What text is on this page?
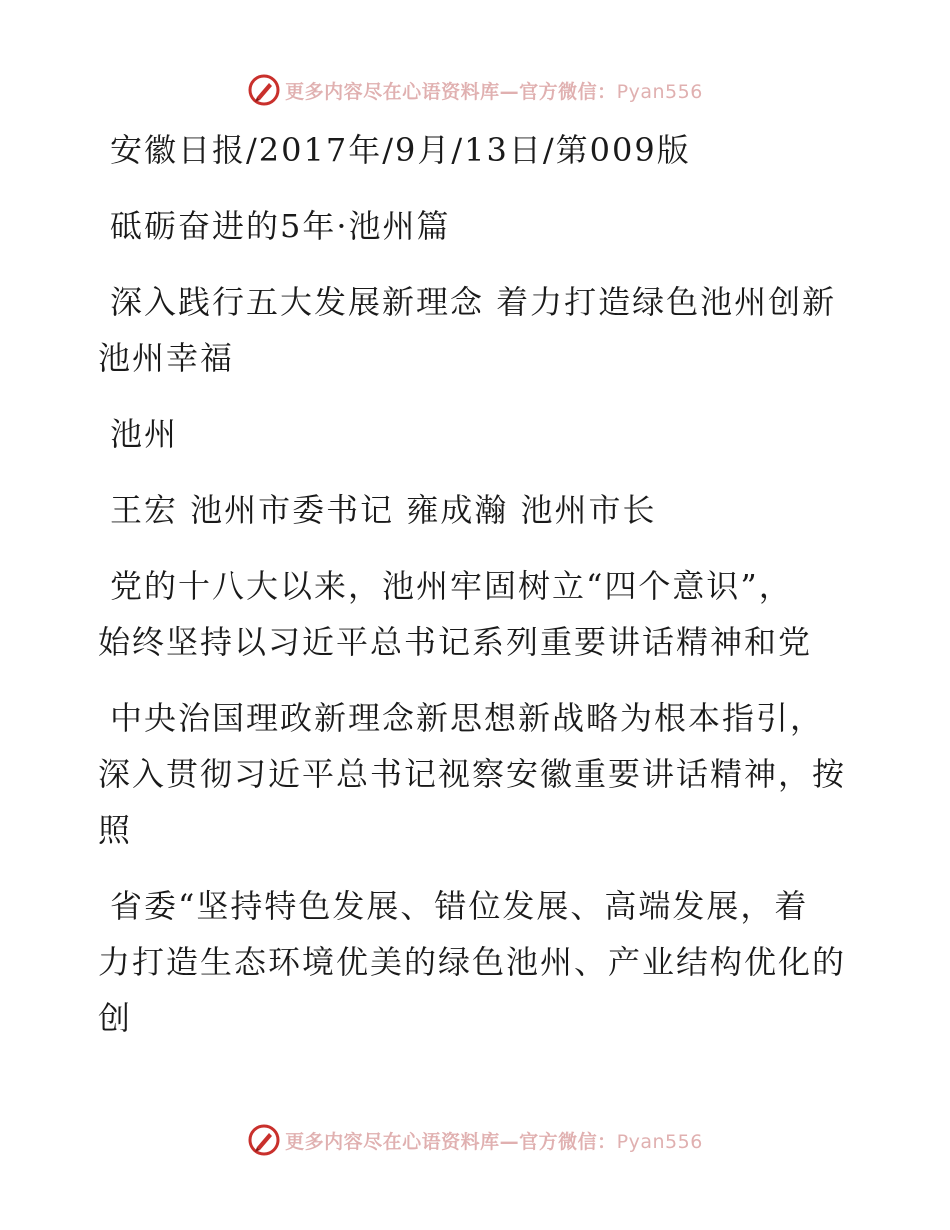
更多内容尽在心语资料库—官方微信：Pyan556

安徽日报/2017年/9月/13日/第009版

砥砺奋进的5年·池州篇

深入践行五大发展新理念 着力打造绿色池州创新
池州幸福

池州

王宏 池州市委书记 雍成瀚 池州市长

党的十八大以来，池州牢固树立“四个意识”，
始终坚持以习近平总书记系列重要讲话精神和党

中央治国理政新理念新思想新战略为根本指引，
深入贯彻习近平总书记视察安徽重要讲话精神，按
照

省委“坚持特色发展、错位发展、高端发展，着
力打造生态环境优美的绿色池州、产业结构优化的
创

更多内容尽在心语资料库—官方微信：Pyan556
